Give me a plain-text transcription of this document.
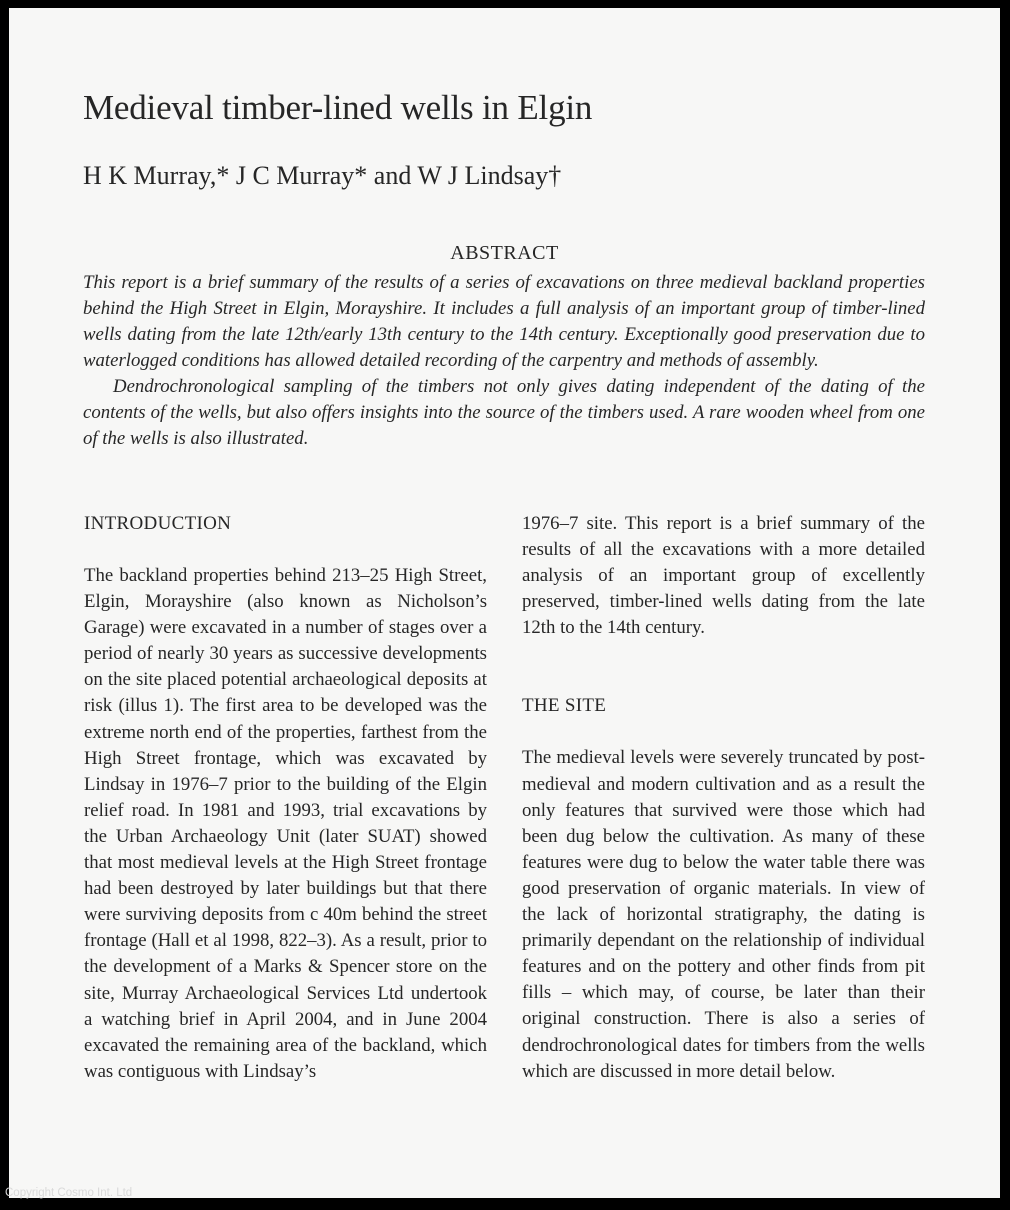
Medieval timber-lined wells in Elgin
H K Murray,* J C Murray* and W J Lindsay†
ABSTRACT

This report is a brief summary of the results of a series of excavations on three medieval backland properties behind the High Street in Elgin, Morayshire. It includes a full analysis of an important group of timber-lined wells dating from the late 12th/early 13th century to the 14th century. Exceptionally good preservation due to waterlogged conditions has allowed detailed recording of the carpentry and methods of assembly.

Dendrochronological sampling of the timbers not only gives dating independent of the dating of the contents of the wells, but also offers insights into the source of the timbers used. A rare wooden wheel from one of the wells is also illustrated.

INTRODUCTION

The backland properties behind 213–25 High Street, Elgin, Morayshire (also known as Nicholson’s Garage) were excavated in a number of stages over a period of nearly 30 years as successive developments on the site placed potential archaeological deposits at risk (illus 1). The first area to be developed was the extreme north end of the properties, farthest from the High Street frontage, which was excavated by Lindsay in 1976–7 prior to the building of the Elgin relief road. In 1981 and 1993, trial excavations by the Urban Archaeology Unit (later SUAT) showed that most medieval levels at the High Street frontage had been destroyed by later buildings but that there were surviving deposits from c 40m behind the street frontage (Hall et al 1998, 822–3). As a result, prior to the development of a Marks & Spencer store on the site, Murray Archaeological Services Ltd undertook a watching brief in April 2004, and in June 2004 excavated the remaining area of the backland, which was contiguous with Lindsay’s

1976–7 site. This report is a brief summary of the results of all the excavations with a more detailed analysis of an important group of excellently preserved, timber-lined wells dating from the late 12th to the 14th century.

THE SITE

The medieval levels were severely truncated by post-medieval and modern cultivation and as a result the only features that survived were those which had been dug below the cultivation. As many of these features were dug to below the water table there was good preservation of organic materials. In view of the lack of horizontal stratigraphy, the dating is primarily dependant on the relationship of individual features and on the pottery and other finds from pit fills – which may, of course, be later than their original construction. There is also a series of dendrochronological dates for timbers from the wells which are discussed in more detail below.

Copyright Cosmo Int. Ltd
